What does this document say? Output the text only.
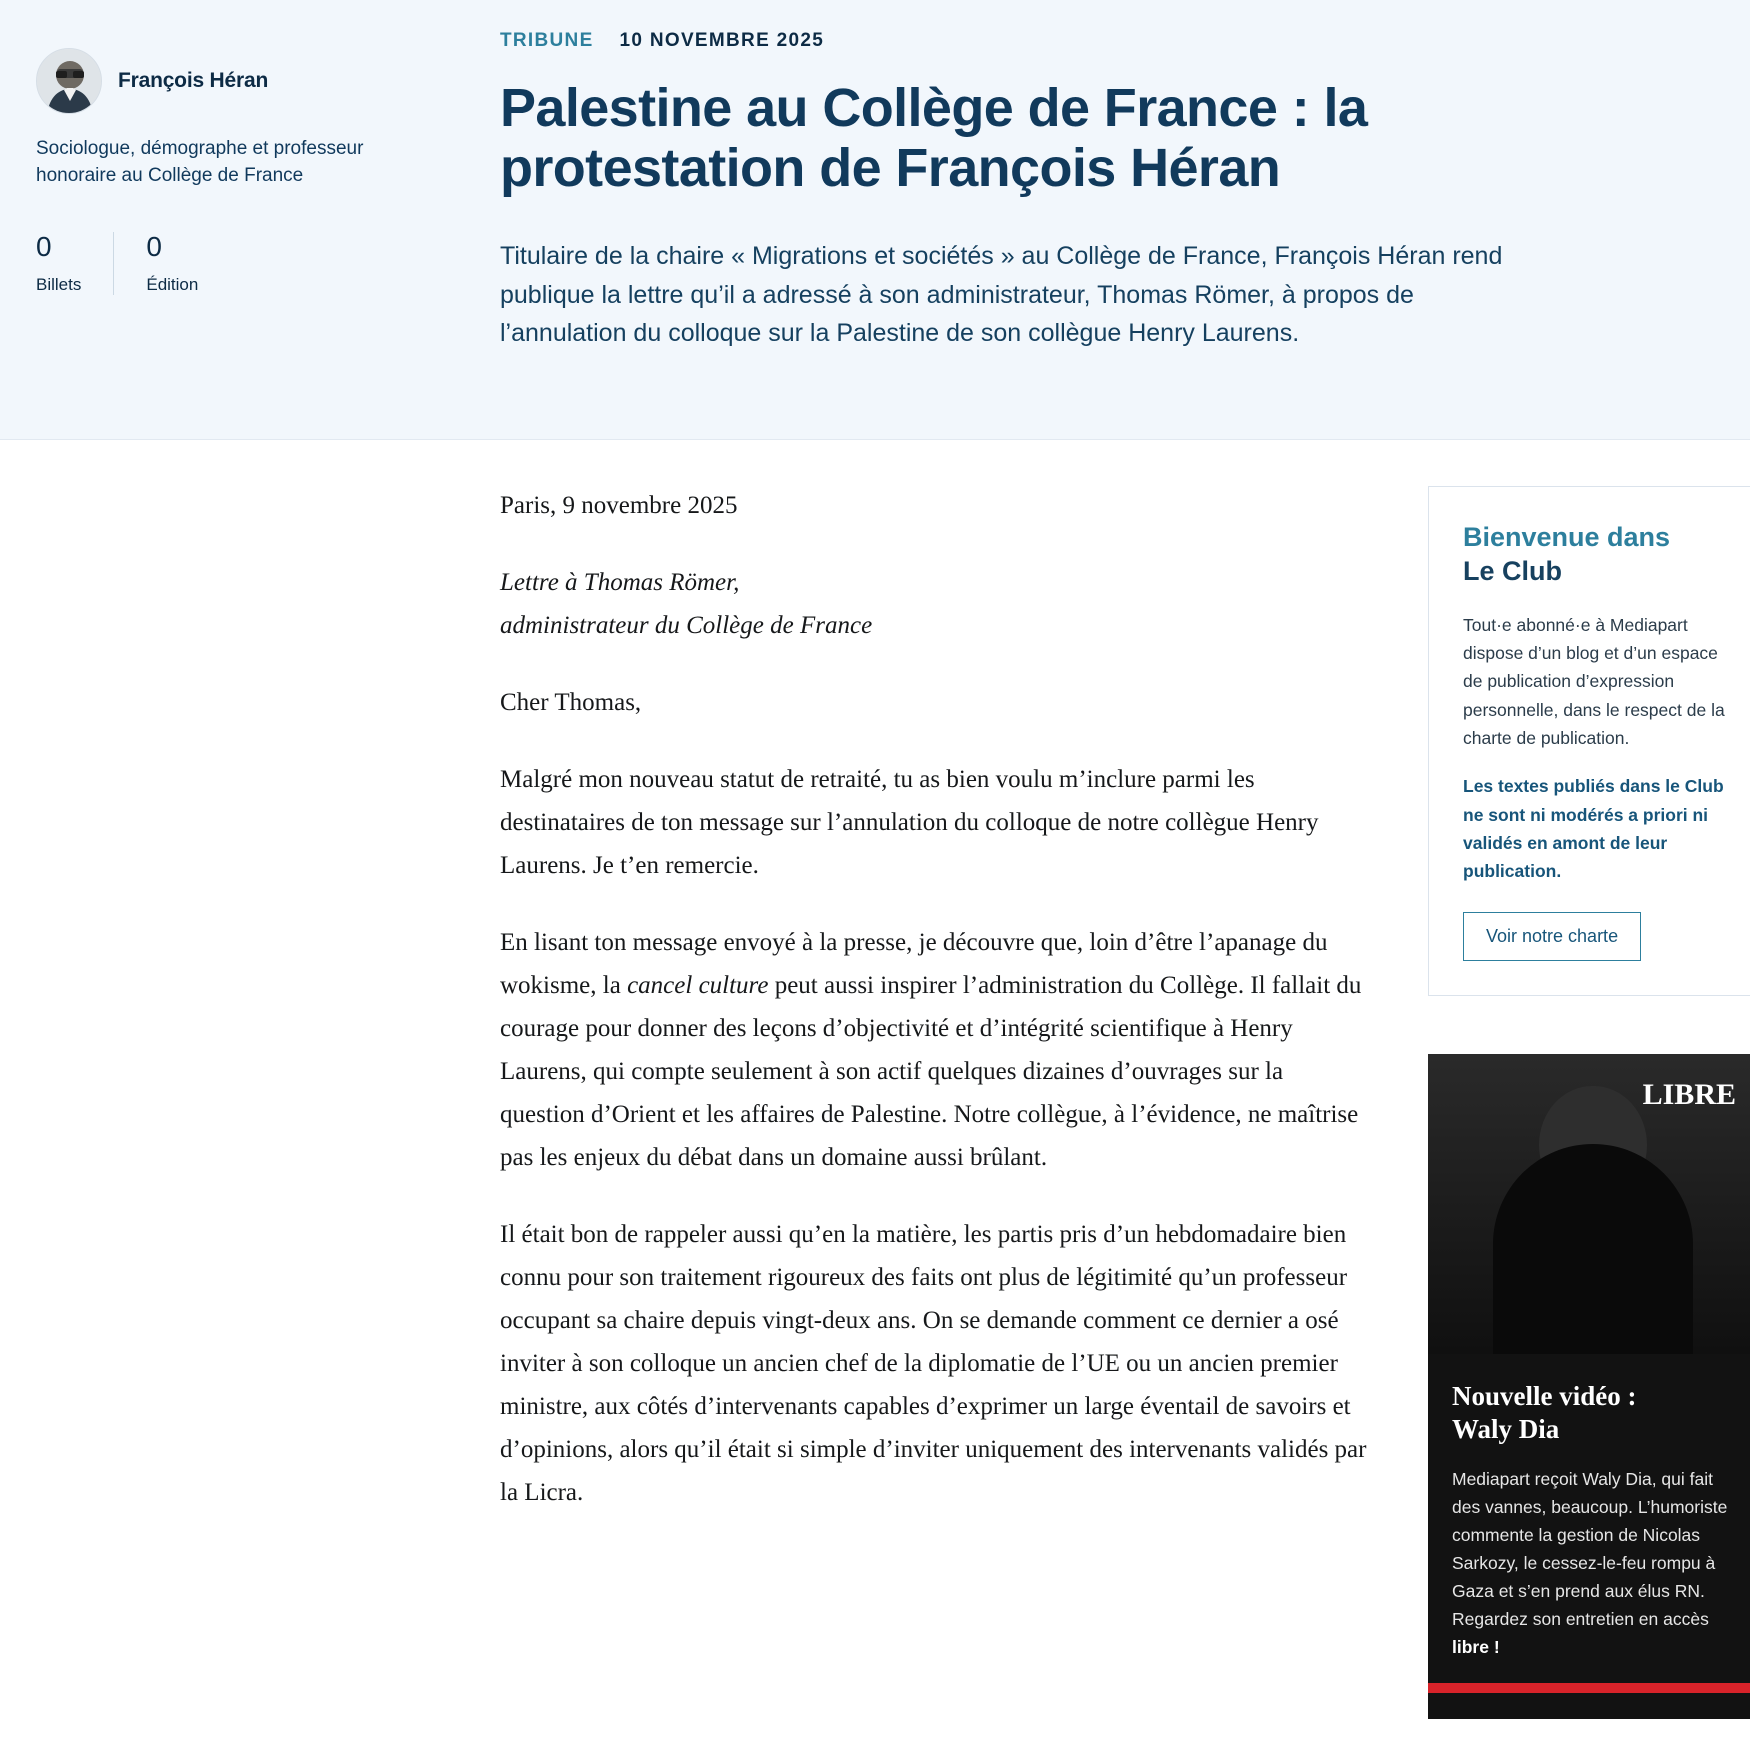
François Héran
Sociologue, démographe et professeur honoraire au Collège de France
0
Billets
0
Édition
TRIBUNE 10 NOVEMBRE 2025
Palestine au Collège de France : la protestation de François Héran
Titulaire de la chaire « Migrations et sociétés » au Collège de France, François Héran rend publique la lettre qu’il a adressé à son administrateur, Thomas Römer, à propos de l’annulation du colloque sur la Palestine de son collègue Henry Laurens.

Paris, 9 novembre 2025

Lettre à Thomas Römer,
administrateur du Collège de France

Cher Thomas,

Malgré mon nouveau statut de retraité, tu as bien voulu m’inclure parmi les destinataires de ton message sur l’annulation du colloque de notre collègue Henry Laurens. Je t’en remercie.

En lisant ton message envoyé à la presse, je découvre que, loin d’être l’apanage du wokisme, la cancel culture peut aussi inspirer l’administration du Collège. Il fallait du courage pour donner des leçons d’objectivité et d’intégrité scientifique à Henry Laurens, qui compte seulement à son actif quelques dizaines d’ouvrages sur la question d’Orient et les affaires de Palestine. Notre collègue, à l’évidence, ne maîtrise pas les enjeux du débat dans un domaine aussi brûlant.

Il était bon de rappeler aussi qu’en la matière, les partis pris d’un hebdomadaire bien connu pour son traitement rigoureux des faits ont plus de légitimité qu’un professeur occupant sa chaire depuis vingt-deux ans. On se demande comment ce dernier a osé inviter à son colloque un ancien chef de la diplomatie de l’UE ou un ancien premier ministre, aux côtés d’intervenants capables d’exprimer un large éventail de savoirs et d’opinions, alors qu’il était si simple d’inviter uniquement des intervenants validés par la Licra.

Bienvenue dans
Le Club
Tout·e abonné·e à Mediapart dispose d’un blog et d’un espace de publication d’expression personnelle, dans le respect de la charte de publication.
Les textes publiés dans le Club ne sont ni modérés a priori ni validés en amont de leur publication.
Voir notre charte
LIBRE
Nouvelle vidéo :
Waly Dia
Mediapart reçoit Waly Dia, qui fait des vannes, beaucoup. L’humoriste commente la gestion de Nicolas Sarkozy, le cessez-le-feu rompu à Gaza et s’en prend aux élus RN. Regardez son entretien en accès libre !
